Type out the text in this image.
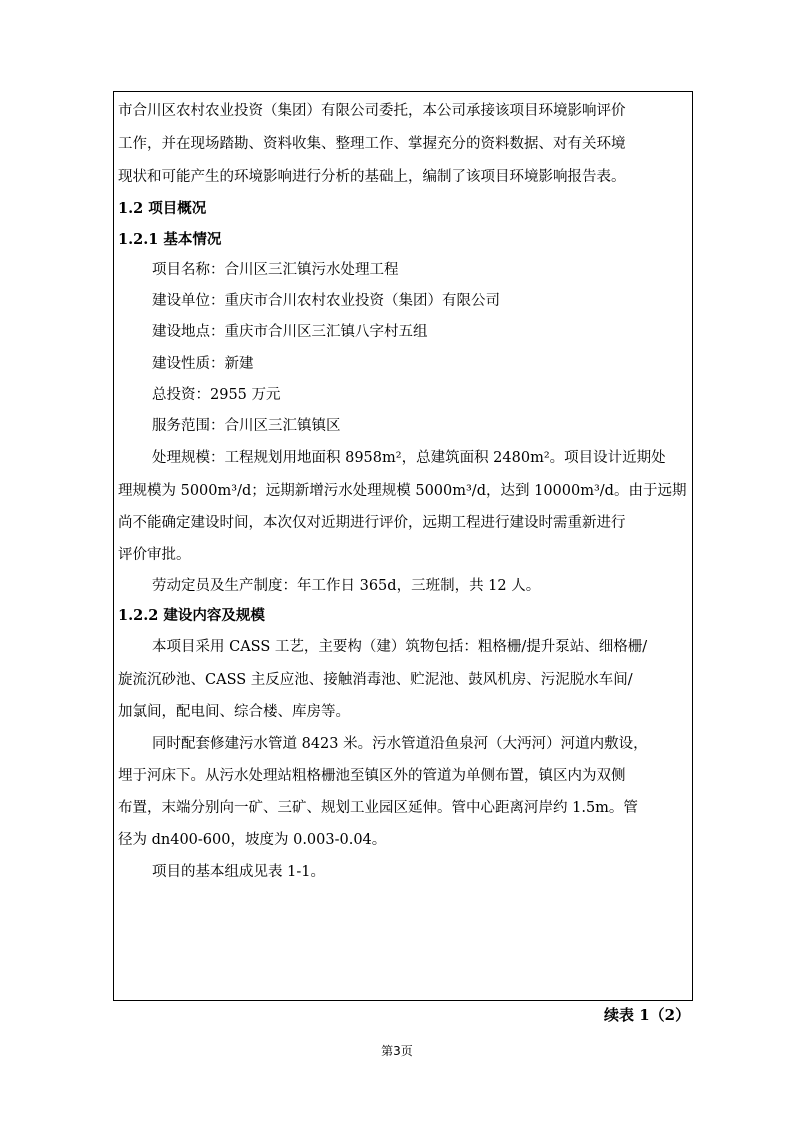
市合川区农村农业投资（集团）有限公司委托，本公司承接该项目环境影响评价
工作，并在现场踏勘、资料收集、整理工作、掌握充分的资料数据、对有关环境
现状和可能产生的环境影响进行分析的基础上，编制了该项目环境影响报告表。
1.2 项目概况
1.2.1 基本情况
项目名称：合川区三汇镇污水处理工程
建设单位：重庆市合川农村农业投资（集团）有限公司
建设地点：重庆市合川区三汇镇八字村五组
建设性质：新建
总投资：2955 万元
服务范围：合川区三汇镇镇区
处理规模：工程规划用地面积 8958m²，总建筑面积 2480m²。项目设计近期处
理规模为 5000m³/d；远期新增污水处理规模 5000m³/d，达到 10000m³/d。由于远期
尚不能确定建设时间，本次仅对近期进行评价，远期工程进行建设时需重新进行
评价审批。
劳动定员及生产制度：年工作日 365d，三班制，共 12 人。
1.2.2 建设内容及规模
本项目采用 CASS 工艺，主要构（建）筑物包括：粗格栅/提升泵站、细格栅/
旋流沉砂池、CASS 主反应池、接触消毒池、贮泥池、鼓风机房、污泥脱水车间/
加氯间，配电间、综合楼、库房等。
同时配套修建污水管道 8423 米。污水管道沿鱼泉河（大沔河）河道内敷设，
埋于河床下。从污水处理站粗格栅池至镇区外的管道为单侧布置，镇区内为双侧
布置，末端分别向一矿、三矿、规划工业园区延伸。管中心距离河岸约 1.5m。管
径为 dn400-600，坡度为 0.003-0.04。
项目的基本组成见表 1-1。
续表 1（2）
第3页
